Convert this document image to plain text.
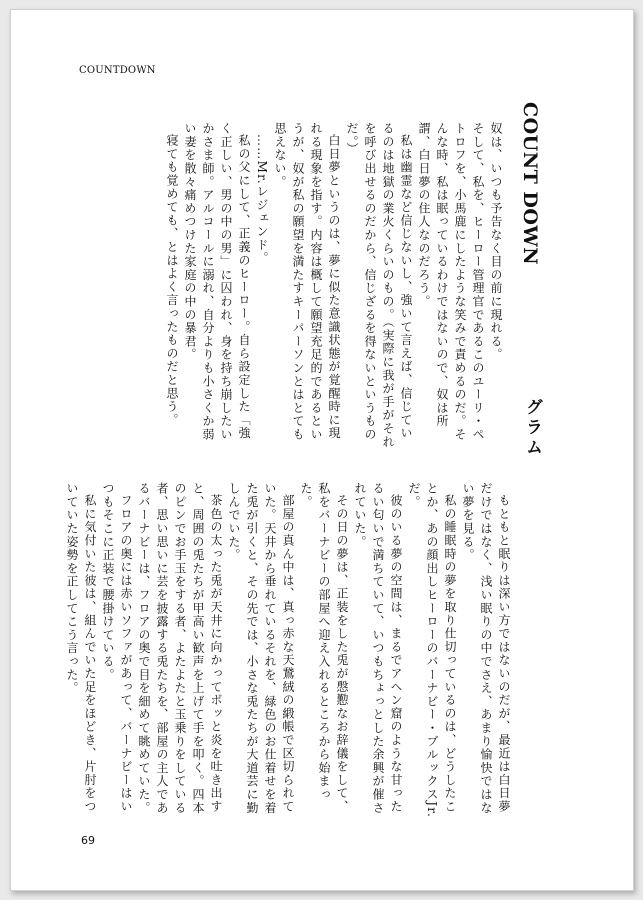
COUNTDOWN
COUNT DOWN
グラム

奴は、いつも予告なく目の前に現れる。

そして、私を、ヒーロー管理官であるこのユーリ・ペトロフを、小馬鹿にしたような笑みで責めるのだ。そんな時、私は眠っているわけではないので、奴は所謂、白日夢の住人なのだろう。

私は幽霊など信じないし、強いて言えば、信じているのは地獄の業火くらいのもの。（実際に我が手がそれを呼び出せるのだから、信じざるを得ないというものだ。）

白日夢というのは、夢に似た意識状態が覚醒時に現れる現象を指す。内容は概して願望充足的であるというが、奴が私の願望を満たすキーパーソンとはとても思えない。

……Mr.レジェンド。

私の父にして、正義のヒーロー。自ら設定した「強く正しい、男の中の男」に囚われ、身を持ち崩したいかさま師。アルコールに溺れ、自分よりも小さくか弱い妻を散々痛めつけた家庭の中の暴君。

寝ても覚めても、とはよく言ったものだと思う。

もともと眠りは深い方ではないのだが、最近は白日夢だけではなく、浅い眠りの中でさえ、あまり愉快ではない夢を見る。

私の睡眠時の夢を取り仕切っているのは、どうしたことか、あの顔出しヒーローのバーナビー・ブルックスJr.だ。

彼のいる夢の空間は、まるでアヘン窟のような甘ったるい匂いで満ちていて、いつもちょっとした余興が催されていた。

その日の夢は、正装をした兎が慇懃なお辞儀をして、私をバーナビーの部屋へ迎え入れるところから始まった。

部屋の真ん中は、真っ赤な天鵞絨の緞帳で区切られていた。天井から垂れているそれを、緑色のお仕着せを着た兎が引くと、その先では、小さな兎たちが大道芸に勤しんでいた。

茶色の太った兎が天井に向かってボッと炎を吐き出すと、周囲の兎たちが甲高い歓声を上げて手を叩く。四本のピンでお手玉をする者、よたよたと玉乗りをしている者、思い思いに芸を披露する兎たちを、部屋の主人であるバーナビーは、フロアの奥で目を細めて眺めていた。

フロアの奥には赤いソファがあって、バーナビーはいつもそこに正装で腰掛けている。

私に気付いた彼は、組んでいた足をほどき、片肘をついていた姿勢を正してこう言った。

69
